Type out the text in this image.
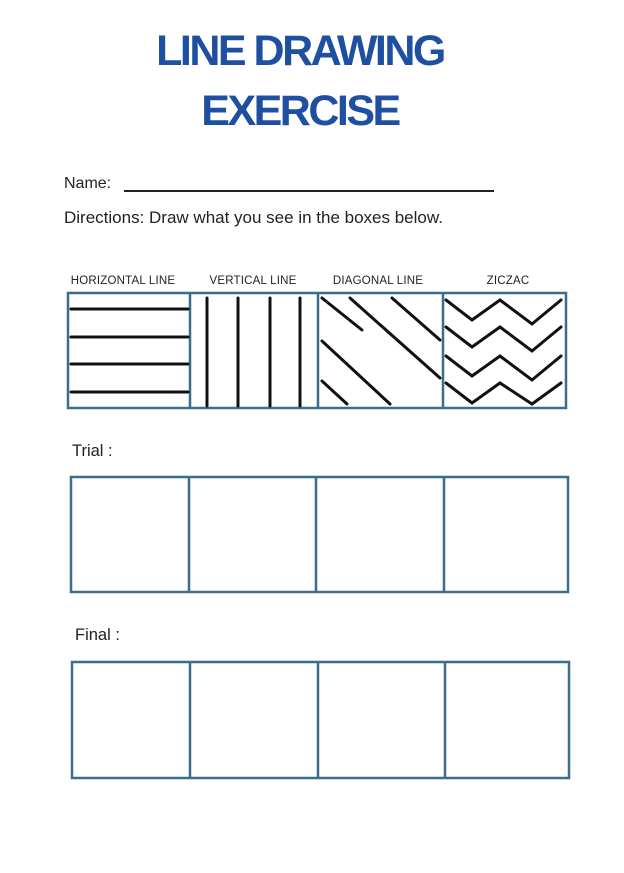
LINE DRAWING
EXERCISE
Name:
Directions: Draw what you see in the boxes below.
HORIZONTAL LINE	VERTICAL LINE	DIAGONAL LINE	ZICZAC
Trial :
Final :
